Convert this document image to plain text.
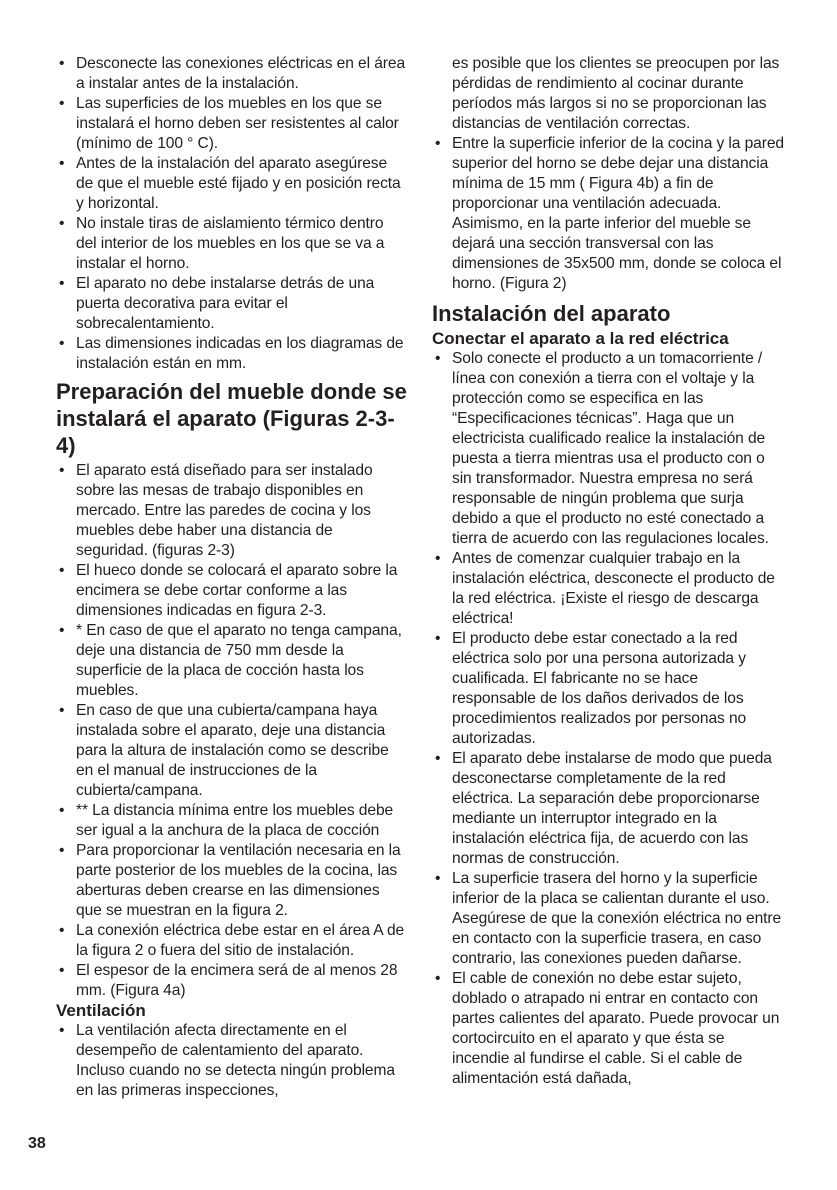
• Desconecte las conexiones eléctricas en el área a instalar antes de la instalación.
• Las superficies de los muebles en los que se instalará el horno deben ser resistentes al calor (mínimo de 100 ° C).
• Antes de la instalación del aparato asegúrese de que el mueble esté fijado y en posición recta y horizontal.
• No instale tiras de aislamiento térmico dentro del interior de los muebles en los que se va a instalar el horno.
• El aparato no debe instalarse detrás de una puerta decorativa para evitar el sobrecalentamiento.
• Las dimensiones indicadas en los diagramas de instalación están en mm.
Preparación del mueble donde se instalará el aparato (Figuras 2-3-4)
• El aparato está diseñado para ser instalado sobre las mesas de trabajo disponibles en mercado. Entre las paredes de cocina y los muebles debe haber una distancia de seguridad. (figuras 2-3)
• El hueco donde se colocará el aparato sobre la encimera se debe cortar conforme a las dimensiones indicadas en figura 2-3.
• * En caso de que el aparato no tenga campana, deje una distancia de 750 mm desde la superficie de la placa de cocción hasta los muebles.
• En caso de que una cubierta/campana haya instalada sobre el aparato, deje una distancia para la altura de instalación como se describe en el manual de instrucciones de la cubierta/campana.
• ** La distancia mínima entre los muebles debe ser igual a la anchura de la placa de cocción
• Para proporcionar la ventilación necesaria en la parte posterior de los muebles de la cocina, las aberturas deben crearse en las dimensiones que se muestran en la figura 2.
• La conexión eléctrica debe estar en el área A de la figura 2 o fuera del sitio de instalación.
• El espesor de la encimera será de al menos 28 mm. (Figura 4a)
Ventilación
• La ventilación afecta directamente en el desempeño de calentamiento del aparato. Incluso cuando no se detecta ningún problema en las primeras inspecciones,

es posible que los clientes se preocupen por las pérdidas de rendimiento al cocinar durante períodos más largos si no se proporcionan las distancias de ventilación correctas.

• Entre la superficie inferior de la cocina y la pared superior del horno se debe dejar una distancia mínima de 15 mm ( Figura 4b) a fin de proporcionar una ventilación adecuada. Asimismo, en la parte inferior del mueble se dejará una sección transversal con las dimensiones de 35x500 mm, donde se coloca el horno. (Figura 2)
Instalación del aparato
Conectar el aparato a la red eléctrica
• Solo conecte el producto a un tomacorriente / línea con conexión a tierra con el voltaje y la protección como se especifica en las “Especificaciones técnicas”. Haga que un electricista cualificado realice la instalación de puesta a tierra mientras usa el producto con o sin transformador. Nuestra empresa no será responsable de ningún problema que surja debido a que el producto no esté conectado a tierra de acuerdo con las regulaciones locales.
• Antes de comenzar cualquier trabajo en la instalación eléctrica, desconecte el producto de la red eléctrica. ¡Existe el riesgo de descarga eléctrica!
• El producto debe estar conectado a la red eléctrica solo por una persona autorizada y cualificada. El fabricante no se hace responsable de los daños derivados de los procedimientos realizados por personas no autorizadas.
• El aparato debe instalarse de modo que pueda desconectarse completamente de la red eléctrica. La separación debe proporcionarse mediante un interruptor integrado en la instalación eléctrica fija, de acuerdo con las normas de construcción.
• La superficie trasera del horno y la superficie inferior de la placa se calientan durante el uso. Asegúrese de que la conexión eléctrica no entre en contacto con la superficie trasera, en caso contrario, las conexiones pueden dañarse.
• El cable de conexión no debe estar sujeto, doblado o atrapado ni entrar en contacto con partes calientes del aparato. Puede provocar un cortocircuito en el aparato y que ésta se incendie al fundirse el cable. Si el cable de alimentación está dañada,
38
